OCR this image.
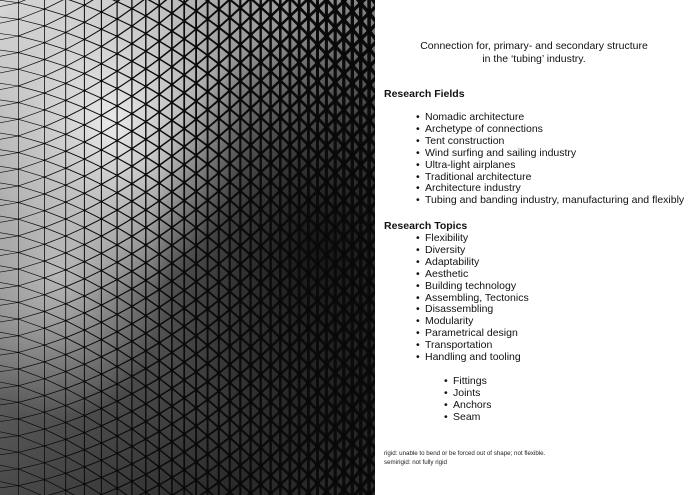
Connection for, primary- and secondary structure
in the ‘tubing’ industry.
Research Fields
• Nomadic architecture
• Archetype of connections
• Tent construction
• Wind surfing and sailing industry
• Ultra-light airplanes
• Traditional architecture
• Architecture industry
• Tubing and banding industry, manufacturing and flexibly
Research Topics
• Flexibility
• Diversity
• Adaptability
• Aesthetic
• Building technology
• Assembling, Tectonics
• Disassembling
• Modularity
• Parametrical design
• Transportation
• Handling and tooling
• Fittings
• Joints
• Anchors
• Seam
rigid: unable to bend or be forced out of shape; not flexible.
semirigid: not fully rigid
